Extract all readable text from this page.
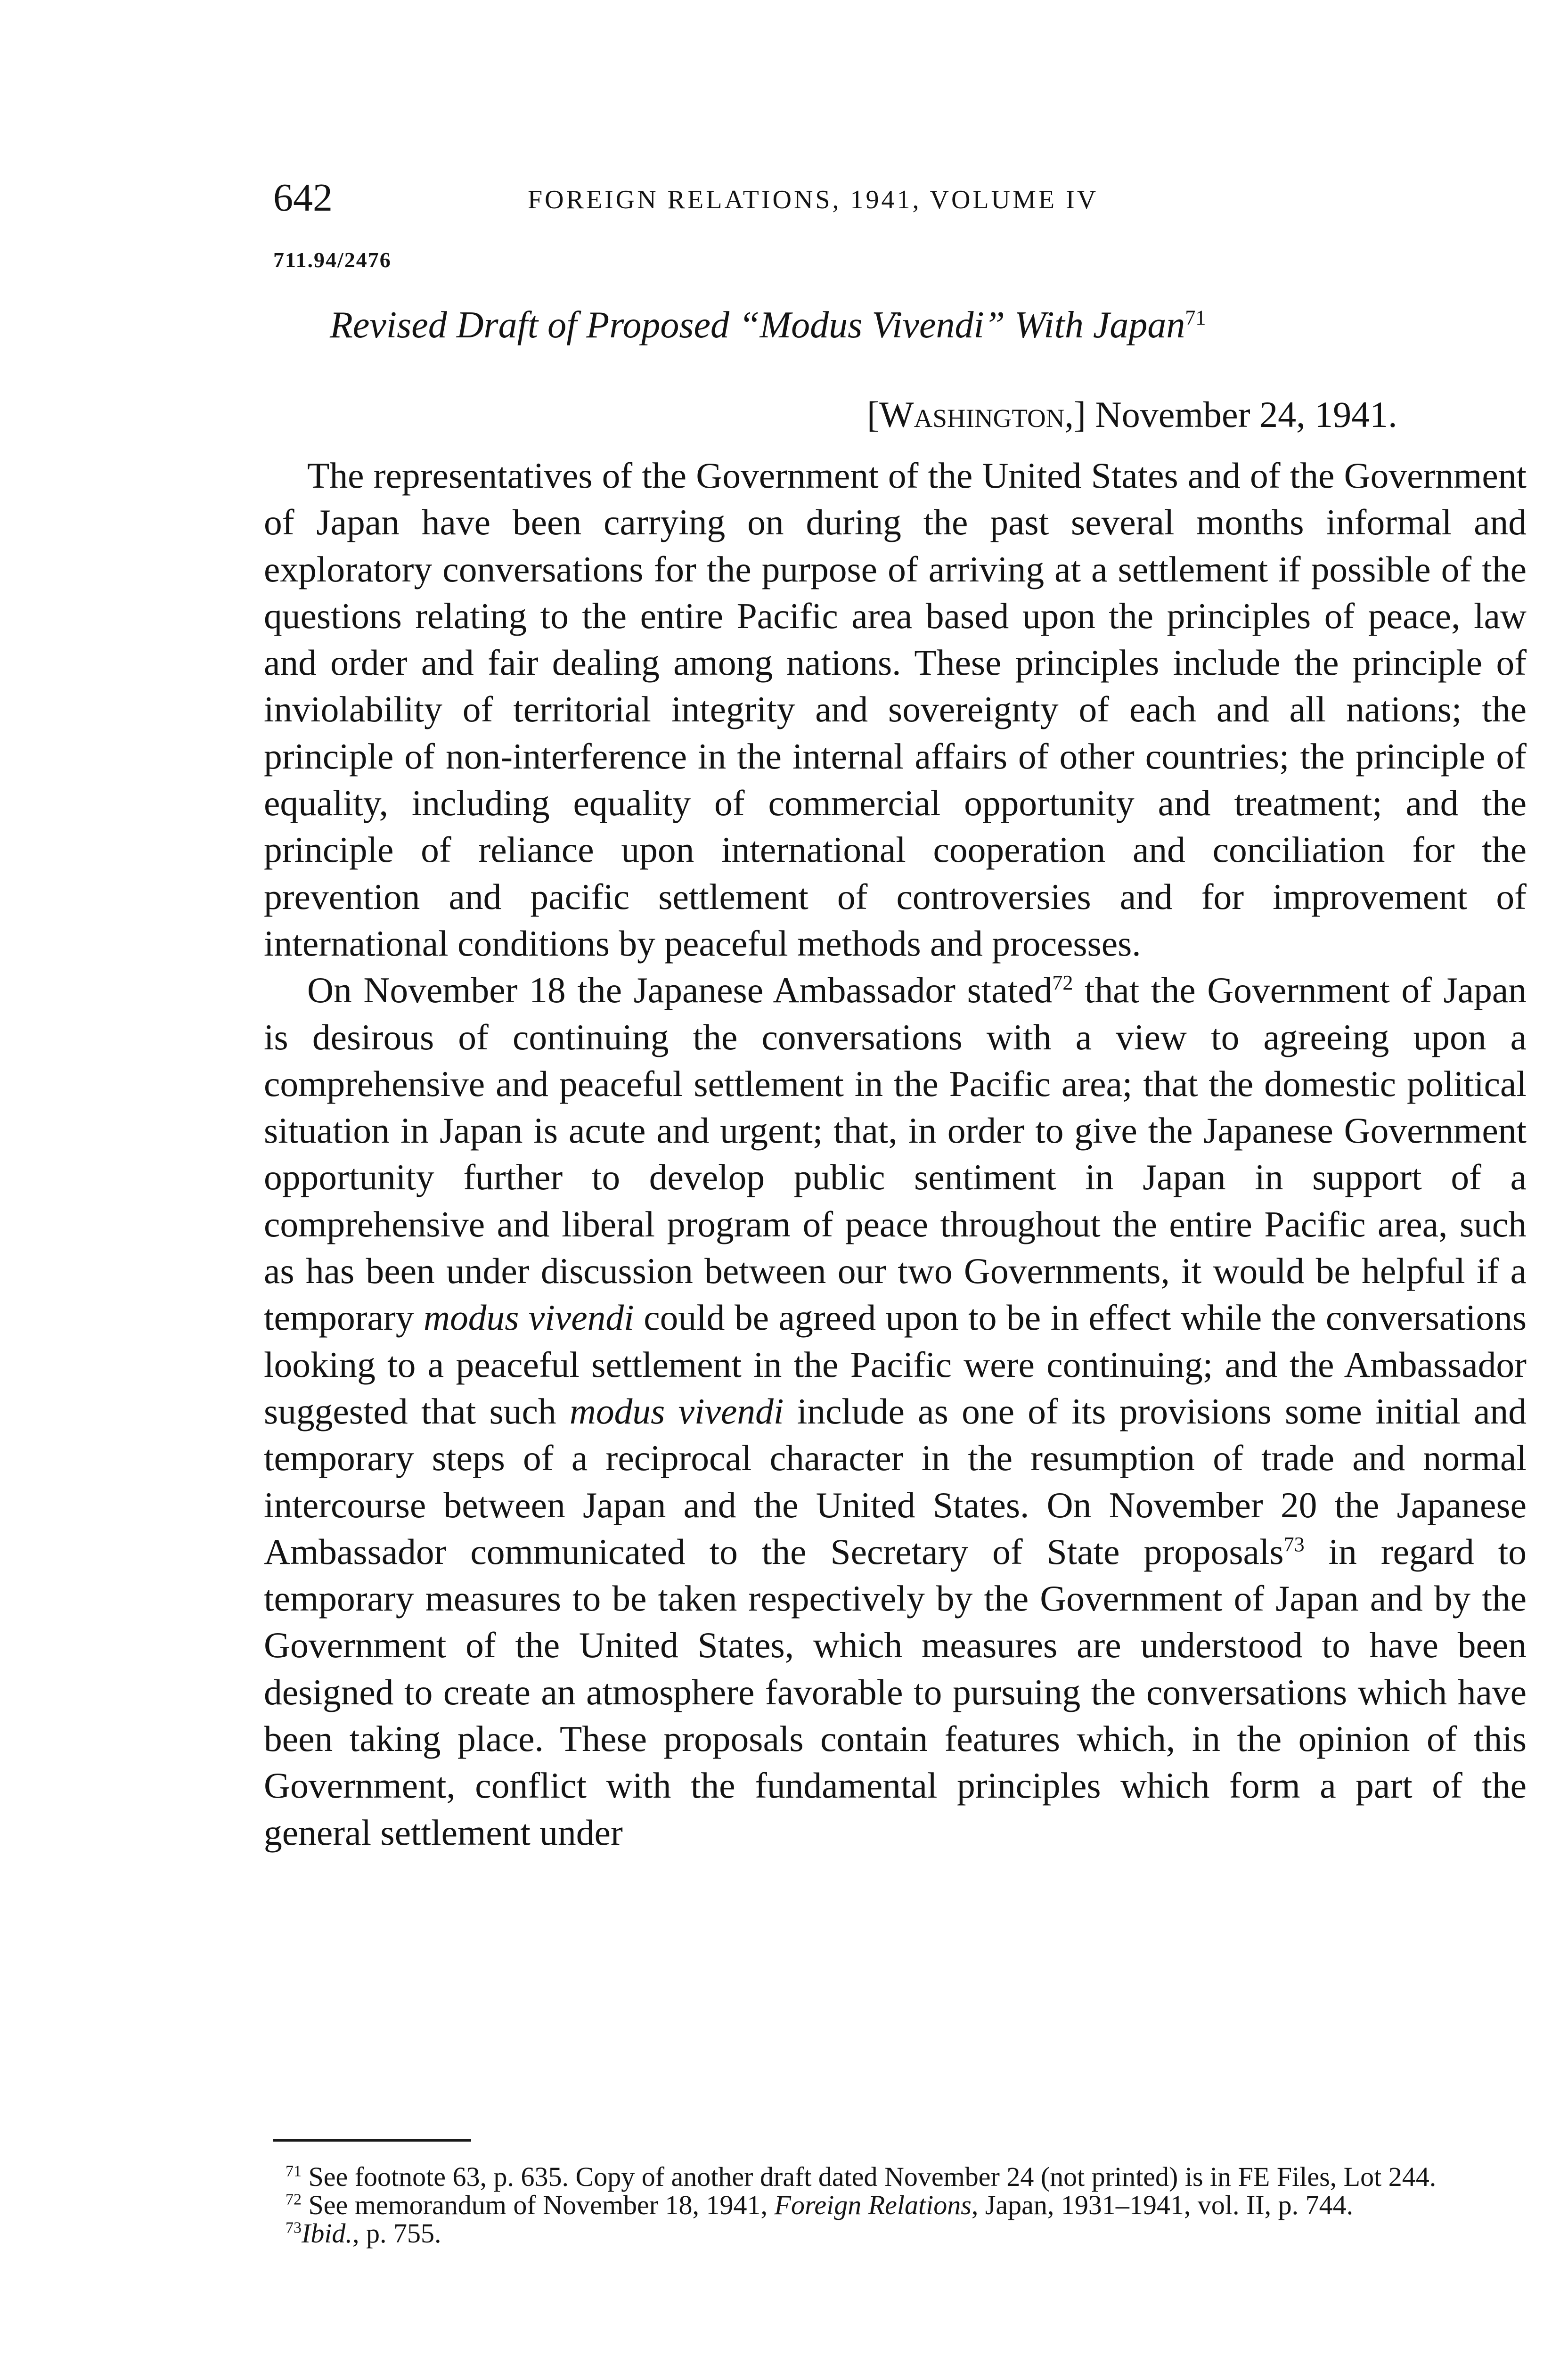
642	FOREIGN RELATIONS, 1941, VOLUME IV
711.94/2476
Revised Draft of Proposed “Modus Vivendi” With Japan$^{71}$
[Washington,] November 24, 1941.

The representatives of the Government of the United States and of the Government of Japan have been carrying on during the past several months informal and exploratory conversations for the purpose of arriving at a settlement if possible of the questions relating to the entire Pacific area based upon the principles of peace, law and order and fair dealing among nations. These principles include the principle of inviolability of territorial integrity and sovereignty of each and all nations; the principle of non-interference in the internal affairs of other countries; the principle of equality, including equality of commercial opportunity and treatment; and the principle of reliance upon international cooperation and conciliation for the prevention and pacific settlement of controversies and for improvement of international conditions by peaceful methods and processes.

On November 18 the Japanese Ambassador stated$^{72}$ that the Government of Japan is desirous of continuing the conversations with a view to agreeing upon a comprehensive and peaceful settlement in the Pacific area; that the domestic political situation in Japan is acute and urgent; that, in order to give the Japanese Government opportunity further to develop public sentiment in Japan in support of a comprehensive and liberal program of peace throughout the entire Pacific area, such as has been under discussion between our two Governments, it would be helpful if a temporary modus vivendi could be agreed upon to be in effect while the conversations looking to a peaceful settlement in the Pacific were continuing; and the Ambassador suggested that such modus vivendi include as one of its provisions some initial and temporary steps of a reciprocal character in the resumption of trade and normal intercourse between Japan and the United States. On November 20 the Japanese Ambassador communicated to the Secretary of State proposals$^{73}$ in regard to temporary measures to be taken respectively by the Government of Japan and by the Government of the United States, which measures are understood to have been designed to create an atmosphere favorable to pursuing the conversations which have been taking place. These proposals contain features which, in the opinion of this Government, conflict with the fundamental principles which form a part of the general settlement under

$^{71}$ See footnote 63, p. 635. Copy of another draft dated November 24 (not printed) is in FE Files, Lot 244.

$^{72}$ See memorandum of November 18, 1941, Foreign Relations, Japan, 1931–1941, vol. II, p. 744.

$^{73}$Ibid., p. 755.
